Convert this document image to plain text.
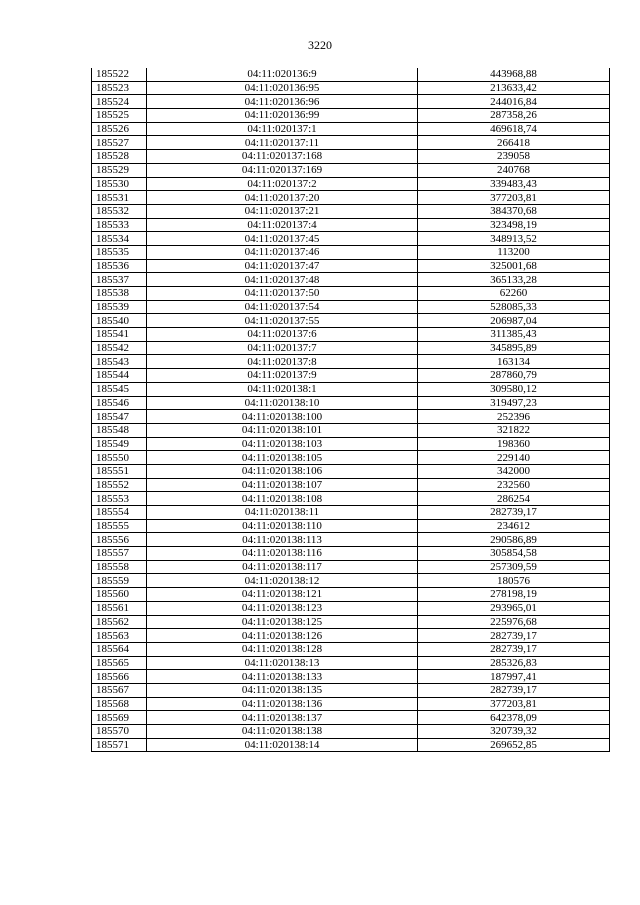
3220
185522	04:11:020136:9	443968,88
185523	04:11:020136:95	213633,42
185524	04:11:020136:96	244016,84
185525	04:11:020136:99	287358,26
185526	04:11:020137:1	469618,74
185527	04:11:020137:11	266418
185528	04:11:020137:168	239058
185529	04:11:020137:169	240768
185530	04:11:020137:2	339483,43
185531	04:11:020137:20	377203,81
185532	04:11:020137:21	384370,68
185533	04:11:020137:4	323498,19
185534	04:11:020137:45	348913,52
185535	04:11:020137:46	113200
185536	04:11:020137:47	325001,68
185537	04:11:020137:48	365133,28
185538	04:11:020137:50	62260
185539	04:11:020137:54	528085,33
185540	04:11:020137:55	206987,04
185541	04:11:020137:6	311385,43
185542	04:11:020137:7	345895,89
185543	04:11:020137:8	163134
185544	04:11:020137:9	287860,79
185545	04:11:020138:1	309580,12
185546	04:11:020138:10	319497,23
185547	04:11:020138:100	252396
185548	04:11:020138:101	321822
185549	04:11:020138:103	198360
185550	04:11:020138:105	229140
185551	04:11:020138:106	342000
185552	04:11:020138:107	232560
185553	04:11:020138:108	286254
185554	04:11:020138:11	282739,17
185555	04:11:020138:110	234612
185556	04:11:020138:113	290586,89
185557	04:11:020138:116	305854,58
185558	04:11:020138:117	257309,59
185559	04:11:020138:12	180576
185560	04:11:020138:121	278198,19
185561	04:11:020138:123	293965,01
185562	04:11:020138:125	225976,68
185563	04:11:020138:126	282739,17
185564	04:11:020138:128	282739,17
185565	04:11:020138:13	285326,83
185566	04:11:020138:133	187997,41
185567	04:11:020138:135	282739,17
185568	04:11:020138:136	377203,81
185569	04:11:020138:137	642378,09
185570	04:11:020138:138	320739,32
185571	04:11:020138:14	269652,85
